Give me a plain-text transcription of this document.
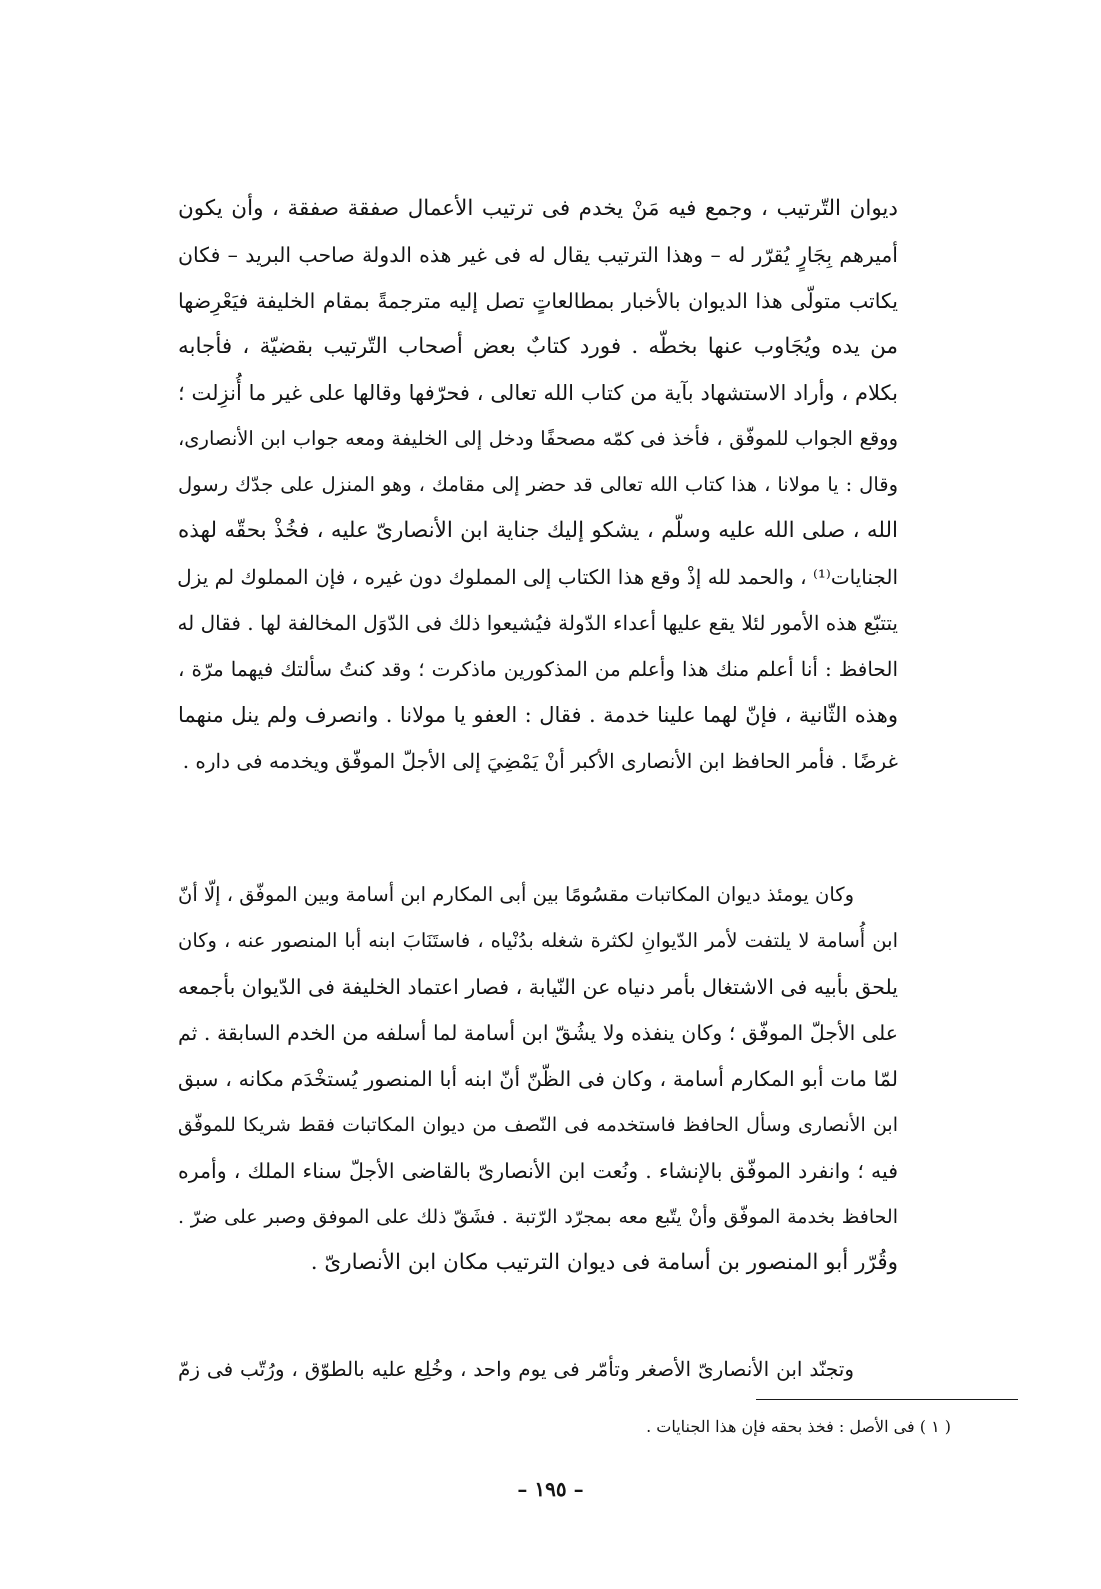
ديوان التّرتيب ، وجمع فيه مَنْ يخدم فى ترتيب الأعمال صفقة صفقة ، وأن يكون
أميرهم بِجَارٍ يُقرّر له – وهذا الترتيب يقال له فى غير هذه الدولة صاحب البريد – فكان
يكاتب متولّى هذا الديوان بالأخبار بمطالعاتٍ تصل إليه مترجمةً بمقام الخليفة فيَعْرِضها
من يده ويُجَاوب عنها بخطّه . فورد كتابٌ بعض أصحاب التّرتيب بقضيّة ، فأجابه
بكلام ، وأراد الاستشهاد بآية من كتاب الله تعالى ، فحرّفها وقالها على غير ما أُنزِلت ؛
ووقع الجواب للموفّق ، فأخذ فى كمّه مصحفًا ودخل إلى الخليفة ومعه جواب ابن الأنصارى،
وقال : يا مولانا ، هذا كتاب الله تعالى قد حضر إلى مقامك ، وهو المنزل على جدّك رسول
الله ، صلى الله عليه وسلّم ، يشكو إليك جناية ابن الأنصارىّ عليه ، فخُذْ بحقّه لهذه
الجنايات⁽¹⁾ ، والحمد لله إذْ وقع هذا الكتاب إلى المملوك دون غيره ، فإن المملوك لم يزل
يتتبّع هذه الأمور لئلا يقع عليها أعداء الدّولة فيُشيعوا ذلك فى الدّوَل المخالفة لها . فقال له
الحافظ : أنا أعلم منك هذا وأعلم من المذكورين ماذكرت ؛ وقد كنتُ سألتك فيهما مرّة ،
وهذه الثّانية ، فإنّ لهما علينا خدمة . فقال : العفو يا مولانا . وانصرف ولم ينل منهما
غرضًا . فأمر الحافظ ابن الأنصارى الأكبر أنْ يَمْضِيَ إلى الأجلّ الموفّق ويخدمه فى داره .
وكان يومئذ ديوان المكاتبات مقسُومًا بين أبى المكارم ابن أسامة وبين الموفّق ، إلّا أنّ
ابن أُسامة لا يلتفت لأمر الدّيوانِ لكثرة شغله بدُنْياه ، فاستَنَابَ ابنه أبا المنصور عنه ، وكان
يلحق بأبيه فى الاشتغال بأمر دنياه عن النّيابة ، فصار اعتماد الخليفة فى الدّيوان بأجمعه
على الأجلّ الموفّق ؛ وكان ينفذه ولا يشُقّ ابن أسامة لما أسلفه من الخدم السابقة . ثم
لمّا مات أبو المكارم أسامة ، وكان فى الظّنّ أنّ ابنه أبا المنصور يُستخْدَم مكانه ، سبق
ابن الأنصارى وسأل الحافظ فاستخدمه فى النّصف من ديوان المكاتبات فقط شريكا للموفّق
فيه ؛ وانفرد الموفّق بالإنشاء . ونُعت ابن الأنصارىّ بالقاضى الأجلّ سناء الملك ، وأمره
الحافظ بخدمة الموفّق وأنْ يتّبع معه بمجرّد الرّتبة . فشَقّ ذلك على الموفق وصبر على ضرّ .
وقُرّر أبو المنصور بن أسامة فى ديوان الترتيب مكان ابن الأنصارىّ .
وتجنّد ابن الأنصارىّ الأصغر وتأمّر فى يوم واحد ، وخُلِع عليه بالطوّق ، ورُتّب فى زمّ
( ١ ) فى الأصل : فخذ بحقه فإن هذا الجنايات .
– ١٩٥ –
